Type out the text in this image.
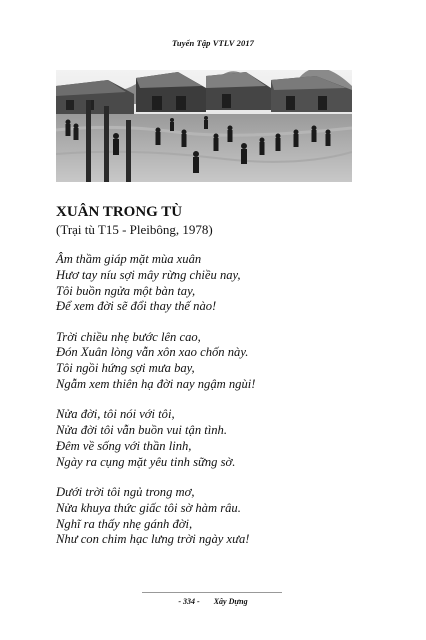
Tuyển Tập VTLV 2017
XUÂN TRONG TÙ
(Trại tù T15 - Pleibông, 1978)
Âm thầm giáp mặt mùa xuân
Hươ tay níu sợi mây rừng chiều nay,
Tôi buồn ngửa một bàn tay,
Để xem đời sẽ đổi thay thế nào!
Trời chiều nhẹ bước lên cao,
Đón Xuân lòng vẫn xôn xao chốn này.
Tôi ngồi hứng sợi mưa bay,
Ngẫm xem thiên hạ đời nay ngậm ngùi!
Nửa đời, tôi nói với tôi,
Nửa đời tôi vẫn buồn vui tận tình.
Đêm về sống với thần linh,
Ngày ra cụng mặt yêu tinh sững sờ.
Dưới trời tôi ngủ trong mơ,
Nửa khuya thức giấc tôi sờ hàm râu.
Nghĩ ra thấy nhẹ gánh đời,
Như con chim hạc lưng trời ngày xưa!
- 334 - Xây Dựng
